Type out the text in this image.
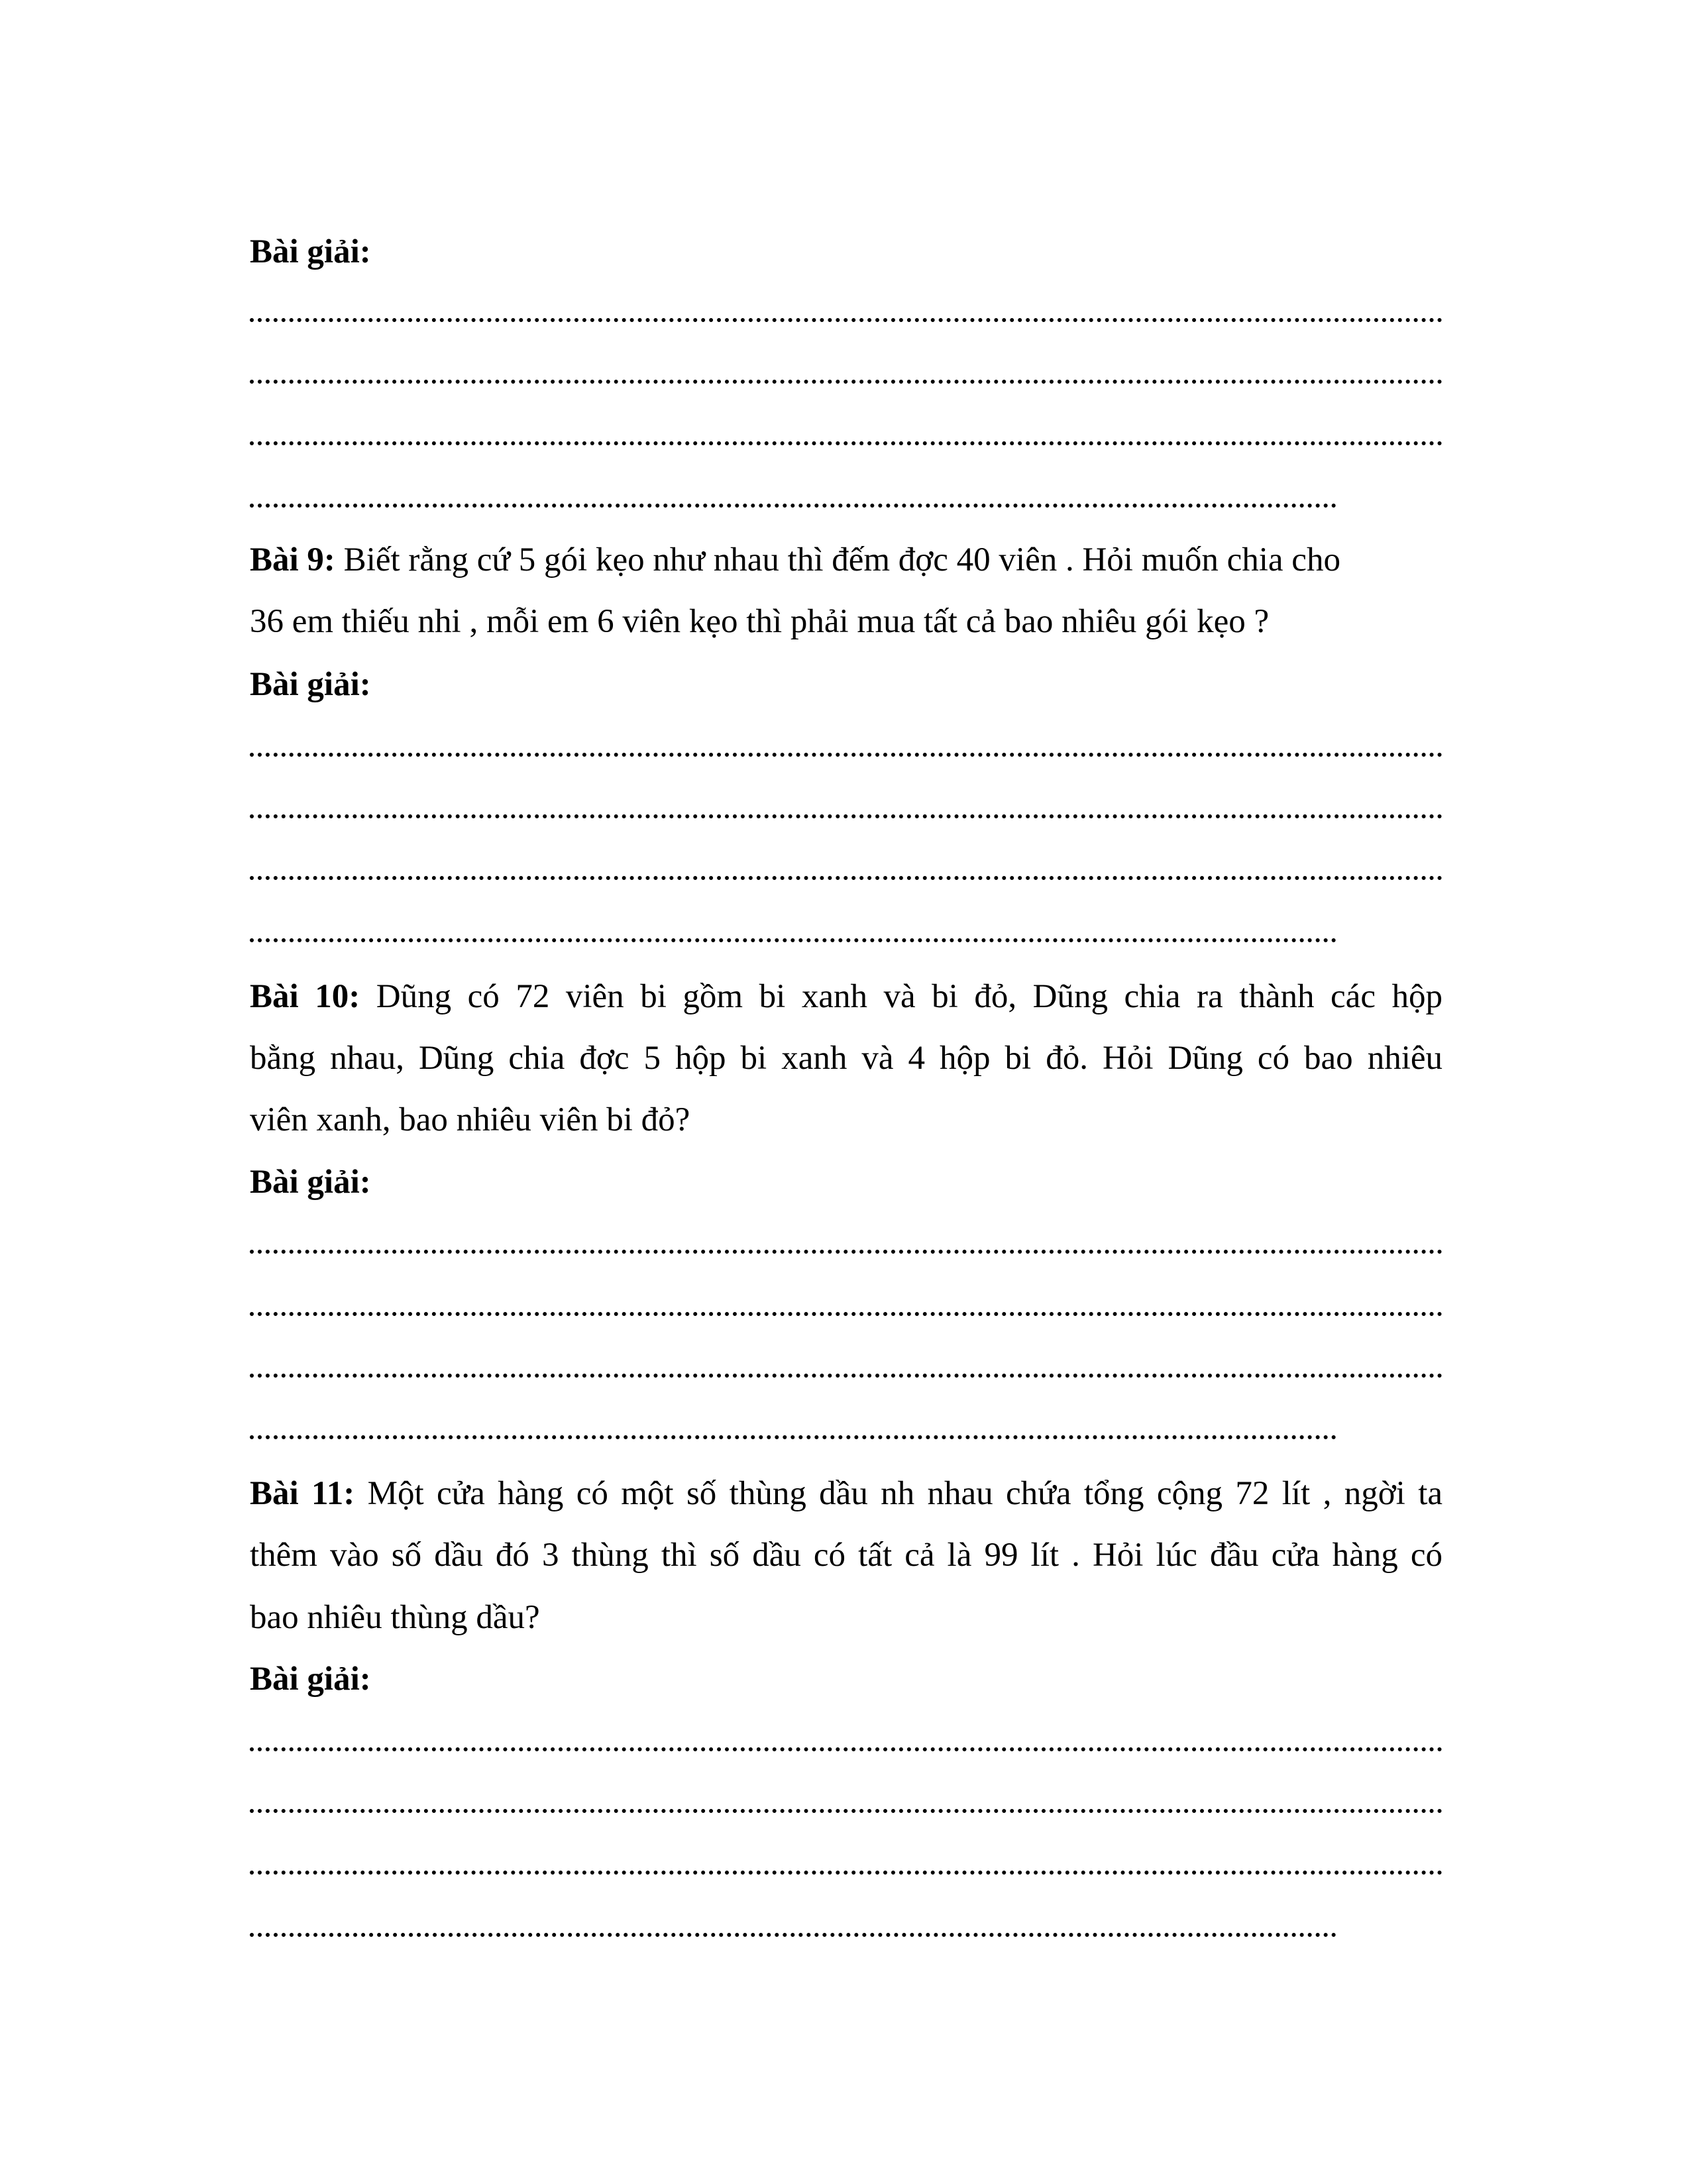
Bài giải:
Bài 9: Biết rằng cứ 5 gói kẹo như nhau thì đếm đợc 40 viên . Hỏi muốn chia cho
36 em thiếu nhi , mỗi em 6 viên kẹo thì phải mua tất cả bao nhiêu gói kẹo ?
Bài giải:
Bài 10: Dũng có 72 viên bi gồm bi xanh và bi đỏ, Dũng chia ra thành các hộp
bằng nhau, Dũng chia đợc 5 hộp bi xanh và 4 hộp bi đỏ. Hỏi Dũng có bao nhiêu
viên xanh, bao nhiêu viên bi đỏ?
Bài giải:
Bài 11: Một cửa hàng có một số thùng dầu nh nhau chứa tổng cộng 72 lít , ngời ta
thêm vào số dầu đó 3 thùng thì số dầu có tất cả là 99 lít . Hỏi lúc đầu cửa hàng có
bao nhiêu thùng dầu?
Bài giải:
